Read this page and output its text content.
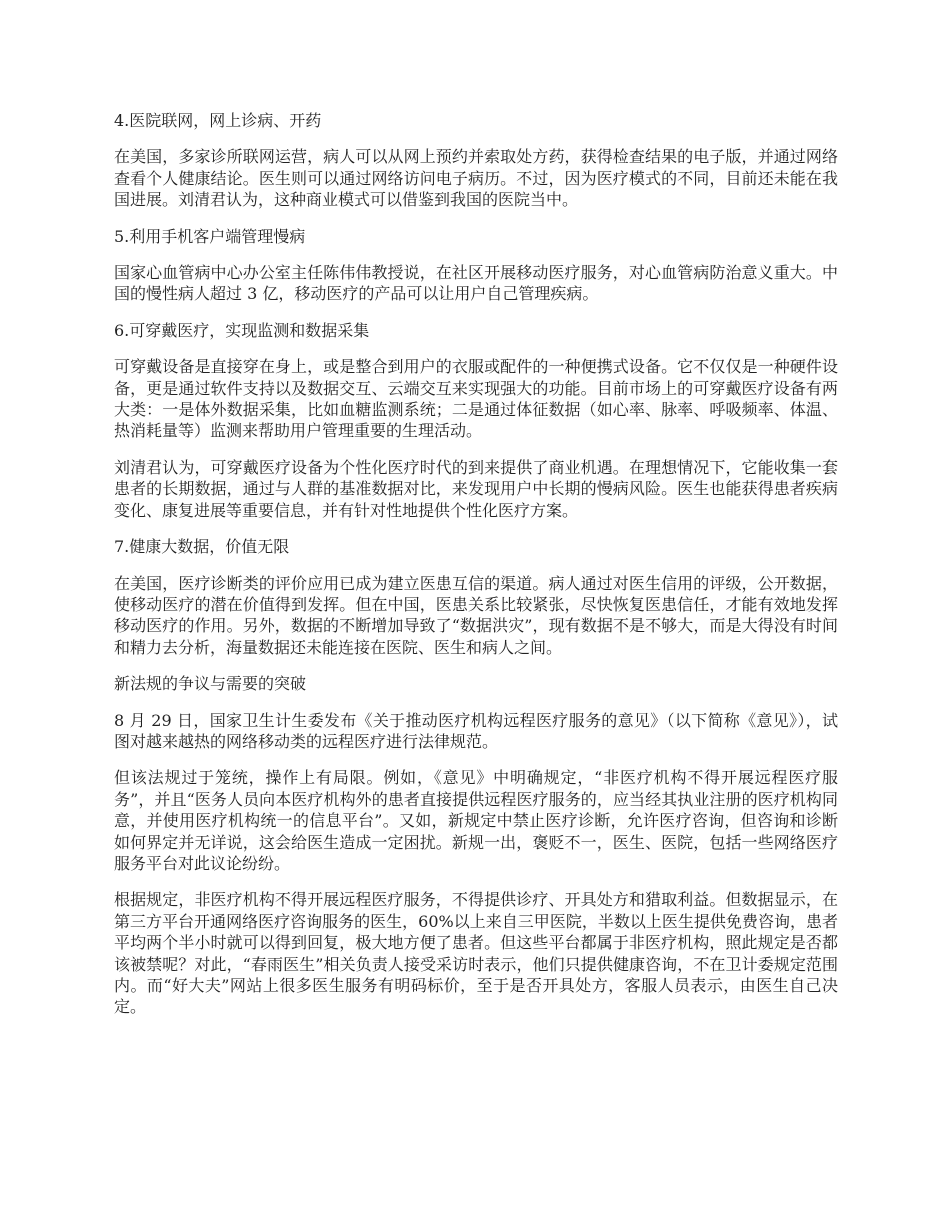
4.医院联网，网上诊病、开药

在美国，多家诊所联网运营，病人可以从网上预约并索取处方药，获得检查结果的电子版，并通过网络查看个人健康结论。医生则可以通过网络访问电子病历。不过，因为医疗模式的不同，目前还未能在我国进展。刘清君认为，这种商业模式可以借鉴到我国的医院当中。

5.利用手机客户端管理慢病

国家心血管病中心办公室主任陈伟伟教授说，在社区开展移动医疗服务，对心血管病防治意义重大。中国的慢性病人超过 3 亿，移动医疗的产品可以让用户自己管理疾病。

6.可穿戴医疗，实现监测和数据采集

可穿戴设备是直接穿在身上，或是整合到用户的衣服或配件的一种便携式设备。它不仅仅是一种硬件设备，更是通过软件支持以及数据交互、云端交互来实现强大的功能。目前市场上的可穿戴医疗设备有两大类：一是体外数据采集，比如血糖监测系统；二是通过体征数据（如心率、脉率、呼吸频率、体温、热消耗量等）监测来帮助用户管理重要的生理活动。

刘清君认为，可穿戴医疗设备为个性化医疗时代的到来提供了商业机遇。在理想情况下，它能收集一套患者的长期数据，通过与人群的基准数据对比，来发现用户中长期的慢病风险。医生也能获得患者疾病变化、康复进展等重要信息，并有针对性地提供个性化医疗方案。

7.健康大数据，价值无限

在美国，医疗诊断类的评价应用已成为建立医患互信的渠道。病人通过对医生信用的评级，公开数据，使移动医疗的潜在价值得到发挥。但在中国，医患关系比较紧张，尽快恢复医患信任，才能有效地发挥移动医疗的作用。另外，数据的不断增加导致了“数据洪灾”，现有数据不是不够大，而是大得没有时间和精力去分析，海量数据还未能连接在医院、医生和病人之间。

新法规的争议与需要的突破

8 月 29 日，国家卫生计生委发布《关于推动医疗机构远程医疗服务的意见》（以下简称《意见》），试图对越来越热的网络移动类的远程医疗进行法律规范。

但该法规过于笼统，操作上有局限。例如，《意见》中明确规定，“非医疗机构不得开展远程医疗服务”，并且“医务人员向本医疗机构外的患者直接提供远程医疗服务的，应当经其执业注册的医疗机构同意，并使用医疗机构统一的信息平台”。又如，新规定中禁止医疗诊断，允许医疗咨询，但咨询和诊断如何界定并无详说，这会给医生造成一定困扰。新规一出，褒贬不一，医生、医院，包括一些网络医疗服务平台对此议论纷纷。

根据规定，非医疗机构不得开展远程医疗服务，不得提供诊疗、开具处方和猎取利益。但数据显示，在第三方平台开通网络医疗咨询服务的医生，60%以上来自三甲医院，半数以上医生提供免费咨询，患者平均两个半小时就可以得到回复，极大地方便了患者。但这些平台都属于非医疗机构，照此规定是否都该被禁呢？对此，“春雨医生”相关负责人接受采访时表示，他们只提供健康咨询，不在卫计委规定范围内。而“好大夫”网站上很多医生服务有明码标价，至于是否开具处方，客服人员表示，由医生自己决定。
